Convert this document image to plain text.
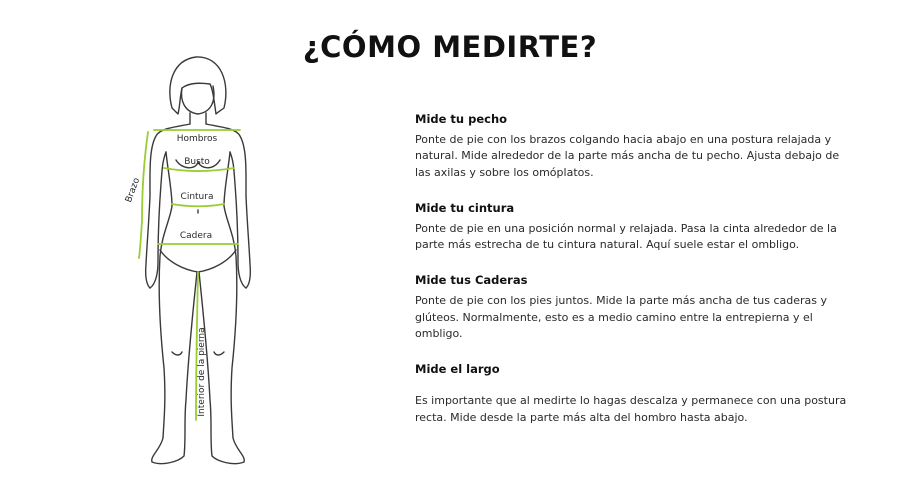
¿CÓMO MEDIRTE?
Hombros
Busto
Cintura
Cadera
Brazo
Interior de la pierna
Mide tu pecho

Ponte de pie con los brazos colgando hacia abajo en una postura relajada y natural. Mide alrededor de la parte más ancha de tu pecho. Ajusta debajo de las axilas y sobre los omóplatos.

Mide tu cintura

Ponte de pie en una posición normal y relajada. Pasa la cinta alrededor de la parte más estrecha de tu cintura natural. Aquí suele estar el ombligo.

Mide tus Caderas

Ponte de pie con los pies juntos. Mide la parte más ancha de tus caderas y glúteos. Normalmente, esto es a medio camino entre la entrepierna y el ombligo.

Mide el largo

Es importante que al medirte lo hagas descalza y permanece con una postura recta. Mide desde la parte más alta del hombro hasta abajo.
